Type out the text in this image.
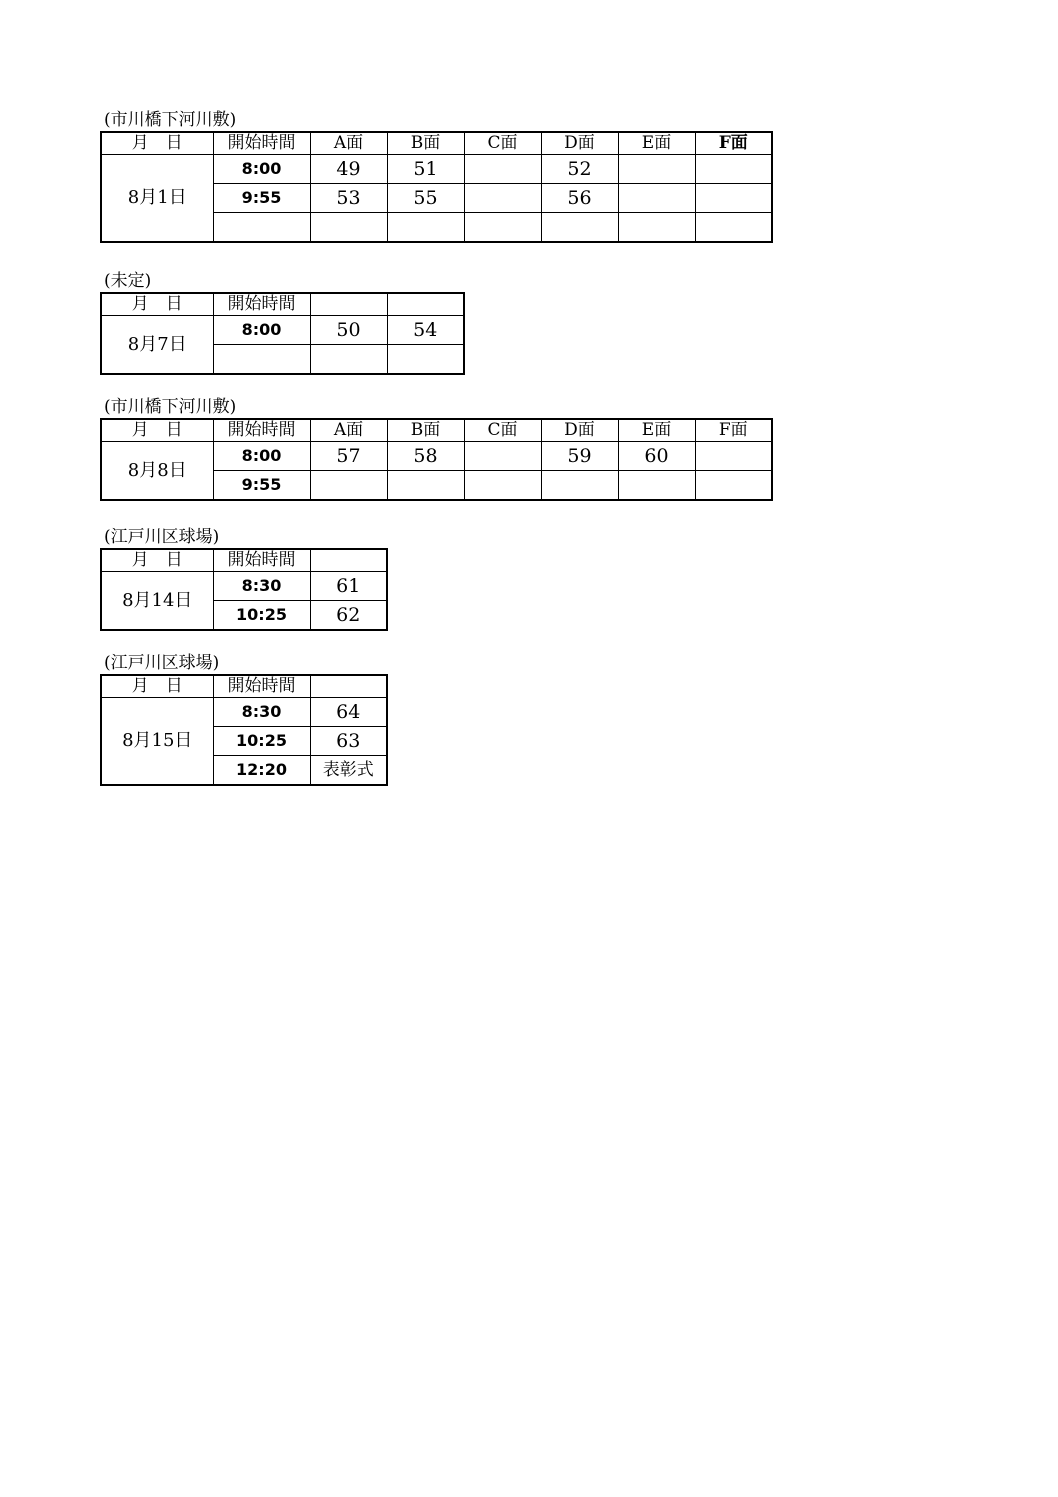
(市川橋下河川敷)
月　日	開始時間	A面	B面	C面	D面	E面	F面
8月1日	8:00	49	51		52		
	9:55	53	55		56		

(未定)
月　日	開始時間		
8月7日	8:00	50	54

(市川橋下河川敷)
月　日	開始時間	A面	B面	C面	D面	E面	F面
8月8日	8:00	57	58		59	60	
	9:55						
(江戸川区球場)
月　日	開始時間	
8月14日	8:30	61
	10:25	62
(江戸川区球場)
月　日	開始時間	
8月15日	8:30	64
	10:25	63
	12:20	表彰式
